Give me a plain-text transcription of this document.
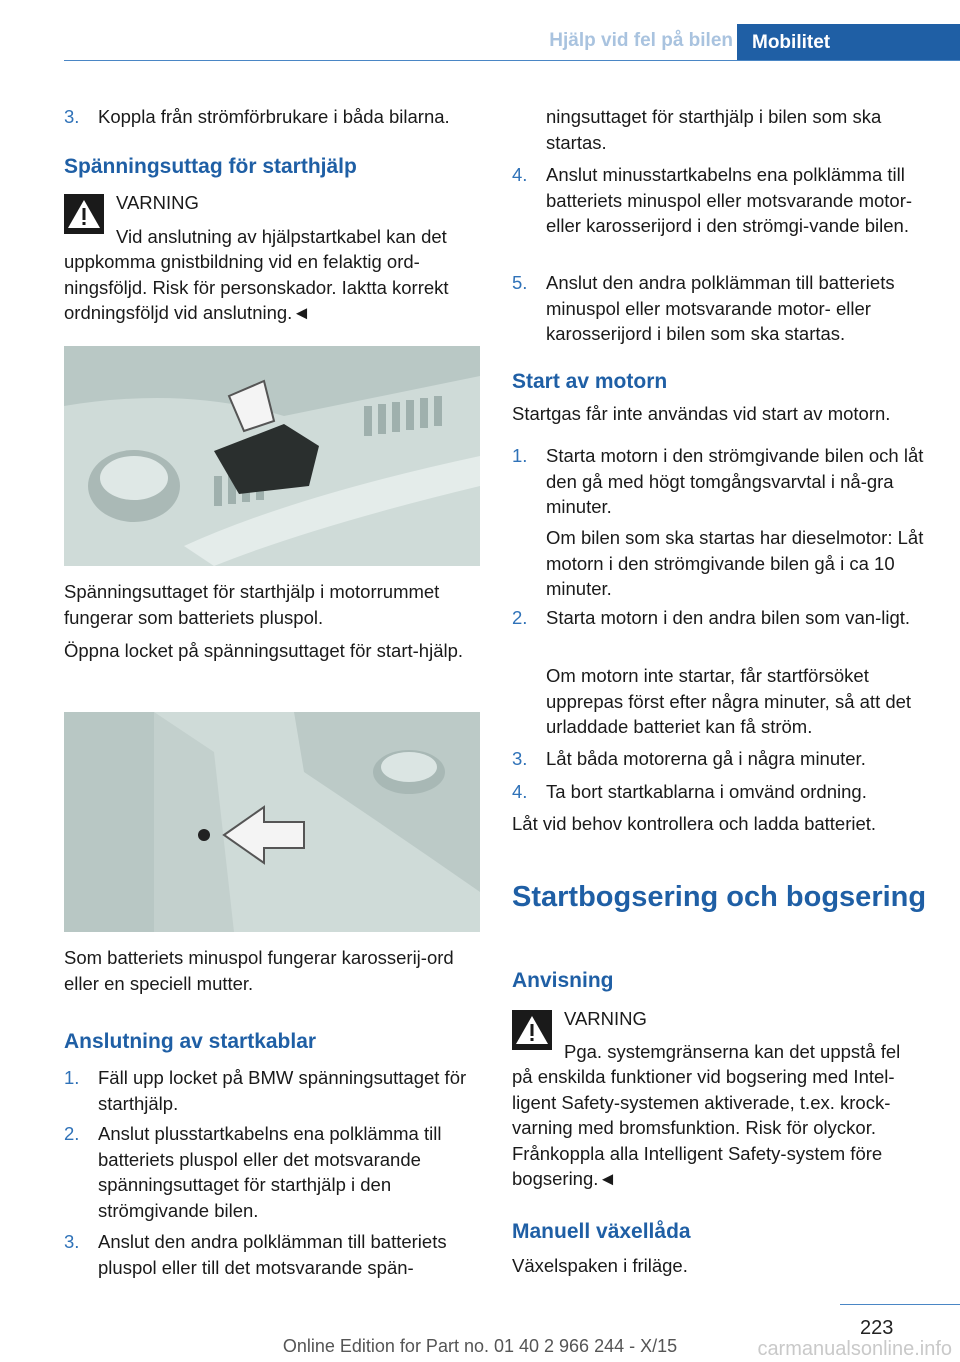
Hjälp vid fel på bilen	Mobilitet
3. Koppla från strömförbrukare i båda bilarna.
Spänningsuttag för starthjälp
VARNING
Vid anslutning av hjälpstartkabel kan det
uppkomma gnistbildning vid en felaktig ord-ningsföljd. Risk för personskador. Iaktta korrekt ordningsföljd vid anslutning.◄
Spänningsuttaget för starthjälp i motorrummet fungerar som batteriets pluspol.
Öppna locket på spänningsuttaget för start-hjälp.
Som batteriets minuspol fungerar karosserij-ord eller en speciell mutter.
Anslutning av startkablar
1. Fäll upp locket på BMW spänningsuttaget för starthjälp.
2. Anslut plusstartkabelns ena polklämma till batteriets pluspol eller det motsvarande spänningsuttaget för starthjälp i den strömgivande bilen.
3. Anslut den andra polklämman till batteriets pluspol eller till det motsvarande spän-
ningsuttaget för starthjälp i bilen som ska startas.
4. Anslut minusstartkabelns ena polklämma till batteriets minuspol eller motsvarande motor- eller karosserijord i den strömgi-vande bilen.
5. Anslut den andra polklämman till batteriets minuspol eller motsvarande motor- eller karosserijord i bilen som ska startas.
Start av motorn
Startgas får inte användas vid start av motorn.
1. Starta motorn i den strömgivande bilen och låt den gå med högt tomgångsvarvtal i nå-gra minuter.
Om bilen som ska startas har dieselmotor: Låt motorn i den strömgivande bilen gå i ca 10 minuter.
2. Starta motorn i den andra bilen som van-ligt.
Om motorn inte startar, får startförsöket upprepas först efter några minuter, så att det urladdade batteriet kan få ström.
3. Låt båda motorerna gå i några minuter.
4. Ta bort startkablarna i omvänd ordning.
Låt vid behov kontrollera och ladda batteriet.
Startbogsering och bogsering
Anvisning
VARNING
Pga. systemgränserna kan det uppstå fel
på enskilda funktioner vid bogsering med Intel-ligent Safety-systemen aktiverade, t.ex. krock-varning med bromsfunktion. Risk för olyckor. Frånkoppla alla Intelligent Safety-system före bogsering.◄
Manuell växellåda
Växelspaken i friläge.
223
Online Edition for Part no. 01 40 2 966 244 - X/15	carmanualsonline.info
